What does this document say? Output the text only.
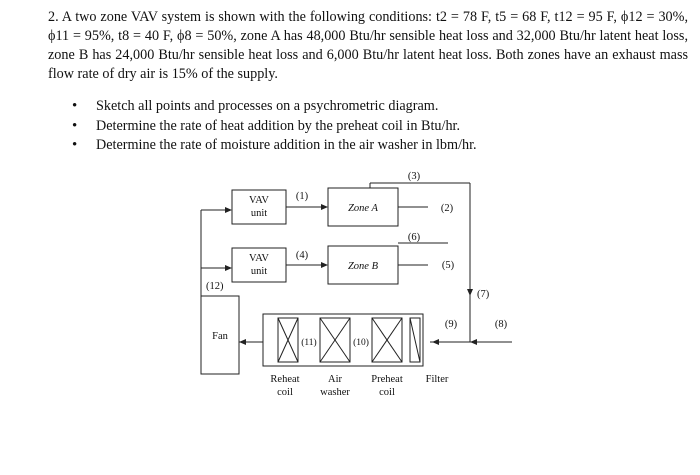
2. A two zone VAV system is shown with the following conditions: t2 = 78 F, t5 = 68 F, t12 = 95 F, ϕ12 = 30%, ϕ11 = 95%, t8 = 40 F, ϕ8 = 50%, zone A has 48,000 Btu/hr sensible heat loss and 32,000 Btu/hr latent heat loss, zone B has 24,000 Btu/hr sensible heat loss and 6,000 Btu/hr latent heat loss. Both zones have an exhaust mass flow rate of dry air is 15% of the supply.

• Sketch all points and processes on a psychrometric diagram.
• Determine the rate of heat addition by the preheat coil in Btu/hr.
• Determine the rate of moisture addition in the air washer in lbm/hr.
Fan
(12)
VAV
unit
VAV
unit
(1)
(4)
Zone A
Zone B
(3)
(2)
(6)
(5)
(7)
(8)
(9)
(11)	(10)
Reheat
coil
Air
washer
Preheat
coil
Filter
